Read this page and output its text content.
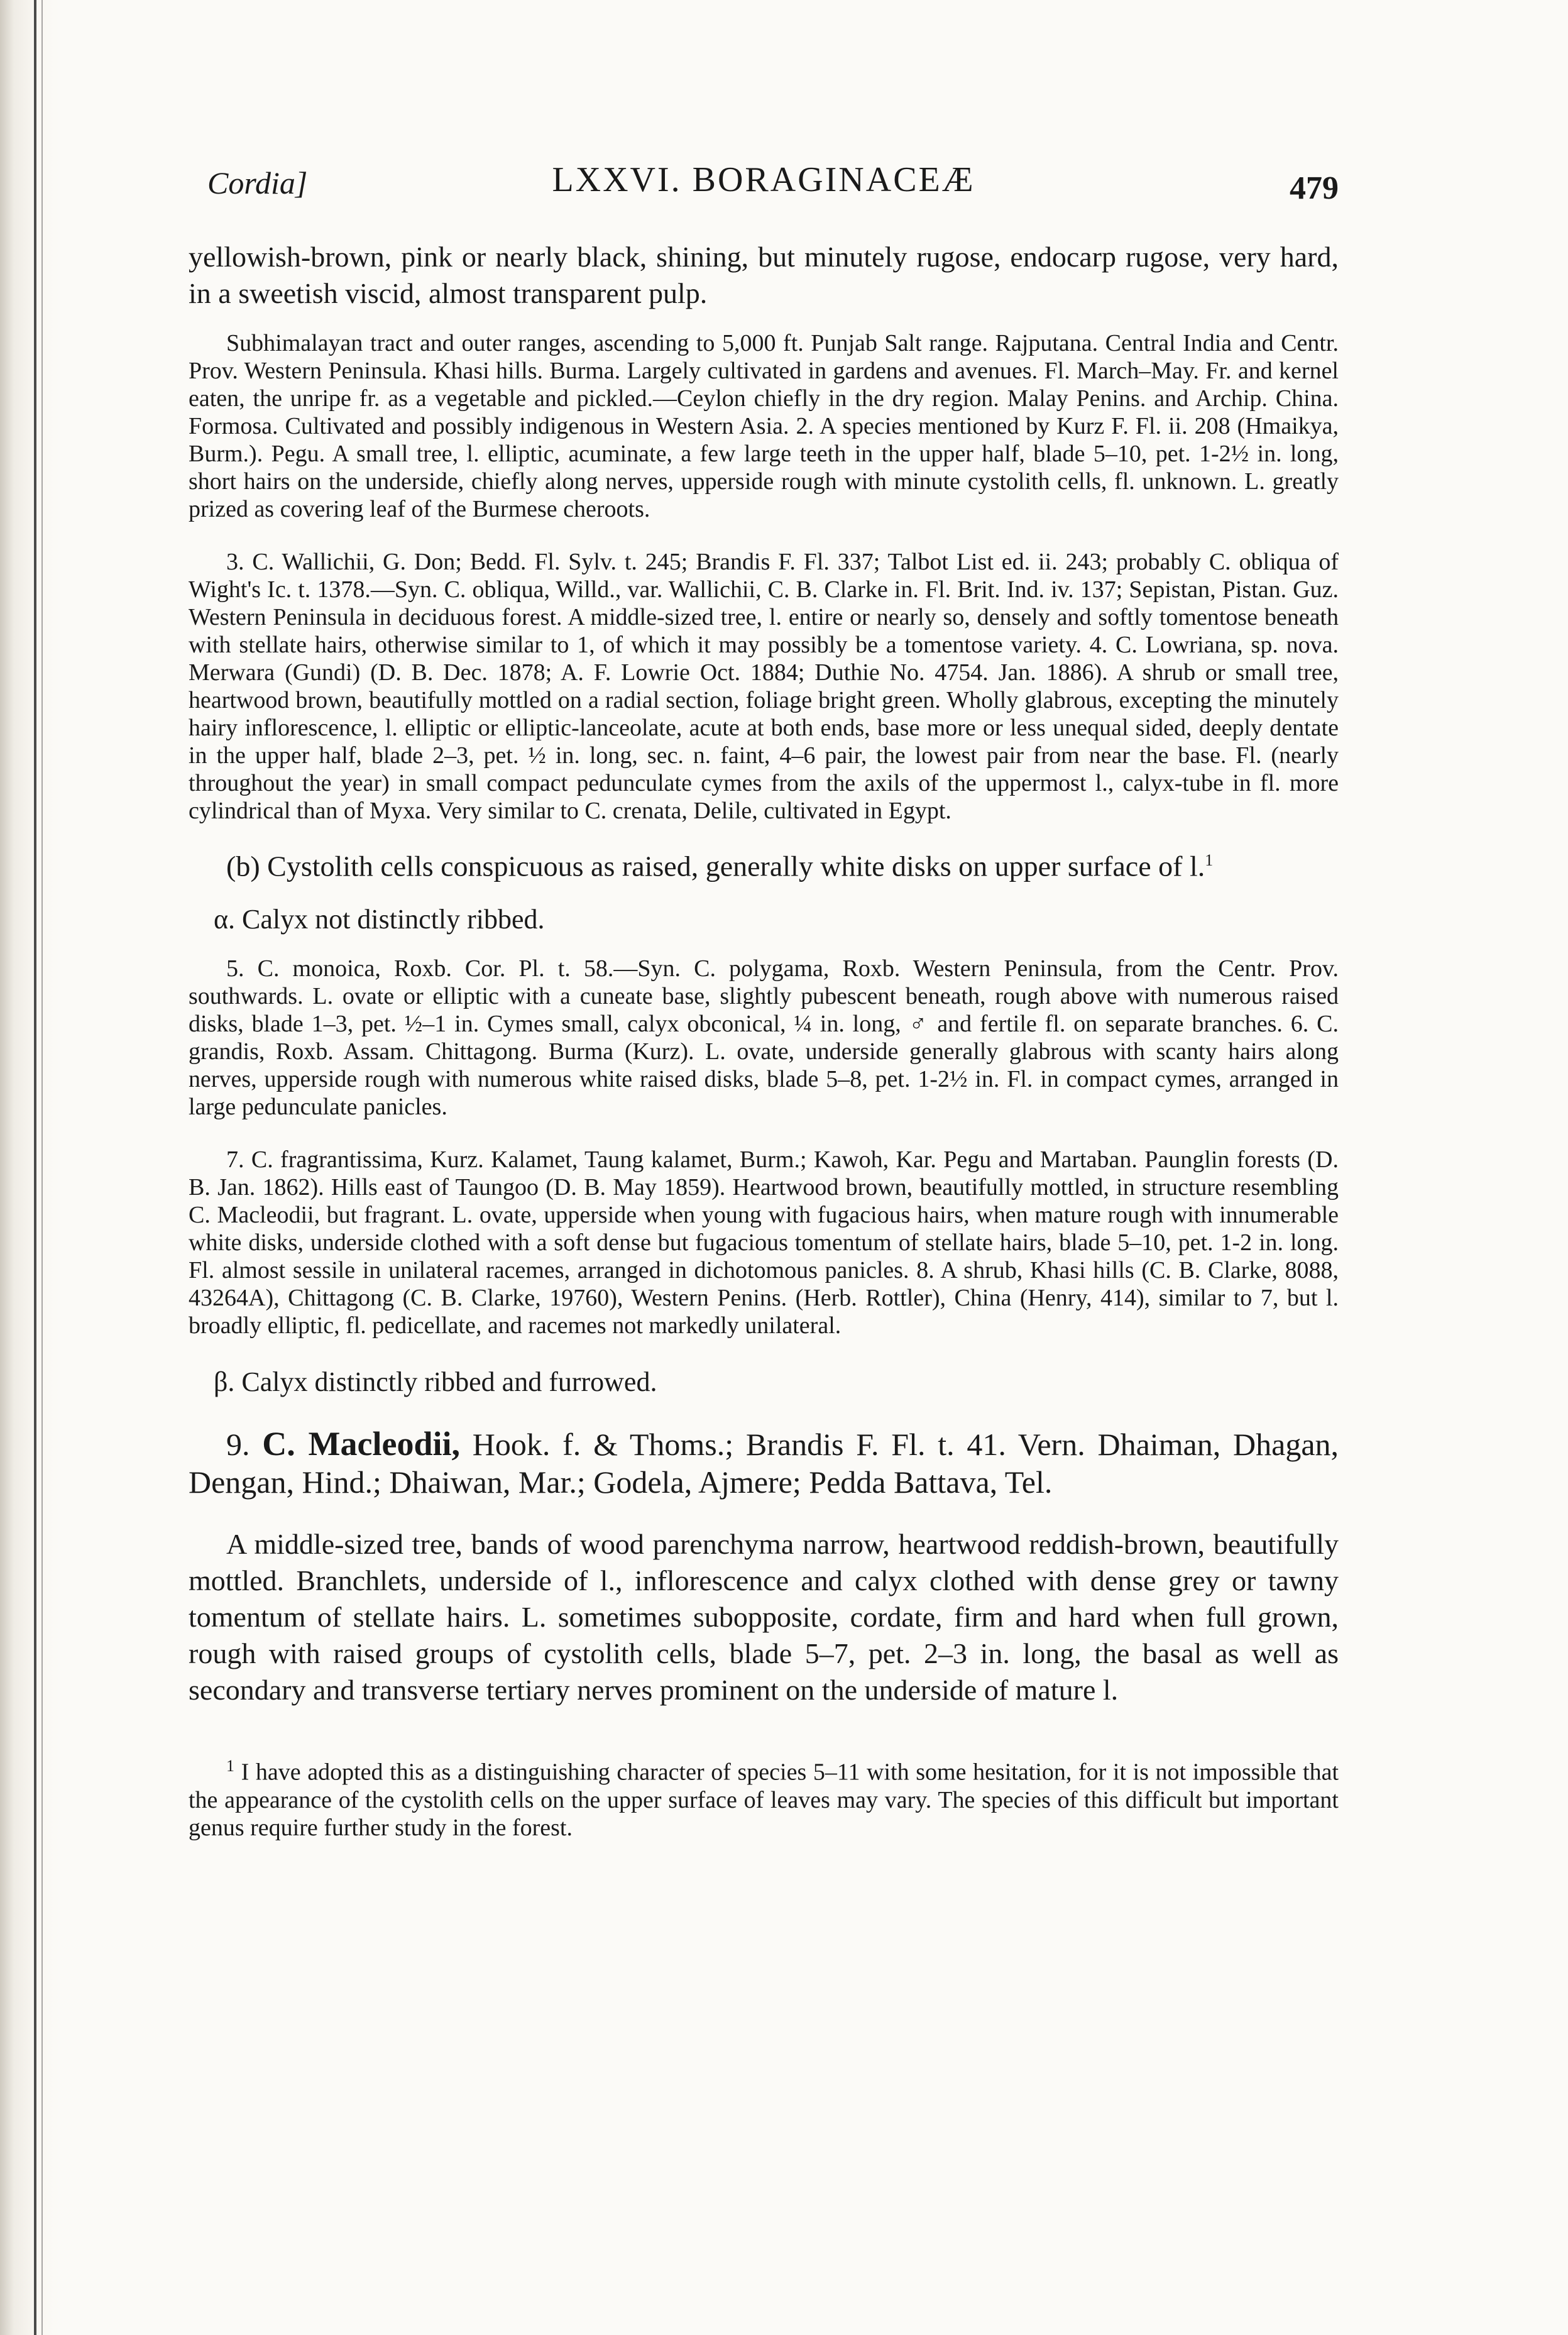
Cordia]	LXXVI. BORAGINACEÆ	479

yellowish-brown, pink or nearly black, shining, but minutely rugose, endocarp rugose, very hard, in a sweetish viscid, almost transparent pulp.

Subhimalayan tract and outer ranges, ascending to 5,000 ft. Punjab Salt range. Rajputana. Central India and Centr. Prov. Western Peninsula. Khasi hills. Burma. Largely cultivated in gardens and avenues. Fl. March–May. Fr. and kernel eaten, the unripe fr. as a vegetable and pickled.—Ceylon chiefly in the dry region. Malay Penins. and Archip. China. Formosa. Cultivated and possibly indigenous in Western Asia. 2. A species mentioned by Kurz F. Fl. ii. 208 (Hmaikya, Burm.). Pegu. A small tree, l. elliptic, acuminate, a few large teeth in the upper half, blade 5–10, pet. 1-2½ in. long, short hairs on the underside, chiefly along nerves, upperside rough with minute cystolith cells, fl. unknown. L. greatly prized as covering leaf of the Burmese cheroots.

3. C. Wallichii, G. Don; Bedd. Fl. Sylv. t. 245; Brandis F. Fl. 337; Talbot List ed. ii. 243; probably C. obliqua of Wight's Ic. t. 1378.—Syn. C. obliqua, Willd., var. Wallichii, C. B. Clarke in. Fl. Brit. Ind. iv. 137; Sepistan, Pistan. Guz. Western Peninsula in deciduous forest. A middle-sized tree, l. entire or nearly so, densely and softly tomentose beneath with stellate hairs, otherwise similar to 1, of which it may possibly be a tomentose variety. 4. C. Lowriana, sp. nova. Merwara (Gundi) (D. B. Dec. 1878; A. F. Lowrie Oct. 1884; Duthie No. 4754. Jan. 1886). A shrub or small tree, heartwood brown, beautifully mottled on a radial section, foliage bright green. Wholly glabrous, excepting the minutely hairy inflorescence, l. elliptic or elliptic-lanceolate, acute at both ends, base more or less unequal sided, deeply dentate in the upper half, blade 2–3, pet. ½ in. long, sec. n. faint, 4–6 pair, the lowest pair from near the base. Fl. (nearly throughout the year) in small compact pedunculate cymes from the axils of the uppermost l., calyx-tube in fl. more cylindrical than of Myxa. Very similar to C. crenata, Delile, cultivated in Egypt.

(b) Cystolith cells conspicuous as raised, generally white disks on upper surface of l.$^1$

α. Calyx not distinctly ribbed.

5. C. monoica, Roxb. Cor. Pl. t. 58.—Syn. C. polygama, Roxb. Western Peninsula, from the Centr. Prov. southwards. L. ovate or elliptic with a cuneate base, slightly pubescent beneath, rough above with numerous raised disks, blade 1–3, pet. ½–1 in. Cymes small, calyx obconical, ¼ in. long, ♂ and fertile fl. on separate branches. 6. C. grandis, Roxb. Assam. Chittagong. Burma (Kurz). L. ovate, underside generally glabrous with scanty hairs along nerves, upperside rough with numerous white raised disks, blade 5–8, pet. 1-2½ in. Fl. in compact cymes, arranged in large pedunculate panicles.

7. C. fragrantissima, Kurz. Kalamet, Taung kalamet, Burm.; Kawoh, Kar. Pegu and Martaban. Paunglin forests (D. B. Jan. 1862). Hills east of Taungoo (D. B. May 1859). Heartwood brown, beautifully mottled, in structure resembling C. Macleodii, but fragrant. L. ovate, upperside when young with fugacious hairs, when mature rough with innumerable white disks, underside clothed with a soft dense but fugacious tomentum of stellate hairs, blade 5–10, pet. 1-2 in. long. Fl. almost sessile in unilateral racemes, arranged in dichotomous panicles. 8. A shrub, Khasi hills (C. B. Clarke, 8088, 43264A), Chittagong (C. B. Clarke, 19760), Western Penins. (Herb. Rottler), China (Henry, 414), similar to 7, but l. broadly elliptic, fl. pedicellate, and racemes not markedly unilateral.

β. Calyx distinctly ribbed and furrowed.

9. C. Macleodii, Hook. f. & Thoms.; Brandis F. Fl. t. 41. Vern. Dhaiman, Dhagan, Dengan, Hind.; Dhaiwan, Mar.; Godela, Ajmere; Pedda Battava, Tel.

A middle-sized tree, bands of wood parenchyma narrow, heartwood reddish-brown, beautifully mottled. Branchlets, underside of l., inflorescence and calyx clothed with dense grey or tawny tomentum of stellate hairs. L. sometimes subopposite, cordate, firm and hard when full grown, rough with raised groups of cystolith cells, blade 5–7, pet. 2–3 in. long, the basal as well as secondary and transverse tertiary nerves prominent on the underside of mature l.

$^1$ I have adopted this as a distinguishing character of species 5–11 with some hesitation, for it is not impossible that the appearance of the cystolith cells on the upper surface of leaves may vary. The species of this difficult but important genus require further study in the forest.
